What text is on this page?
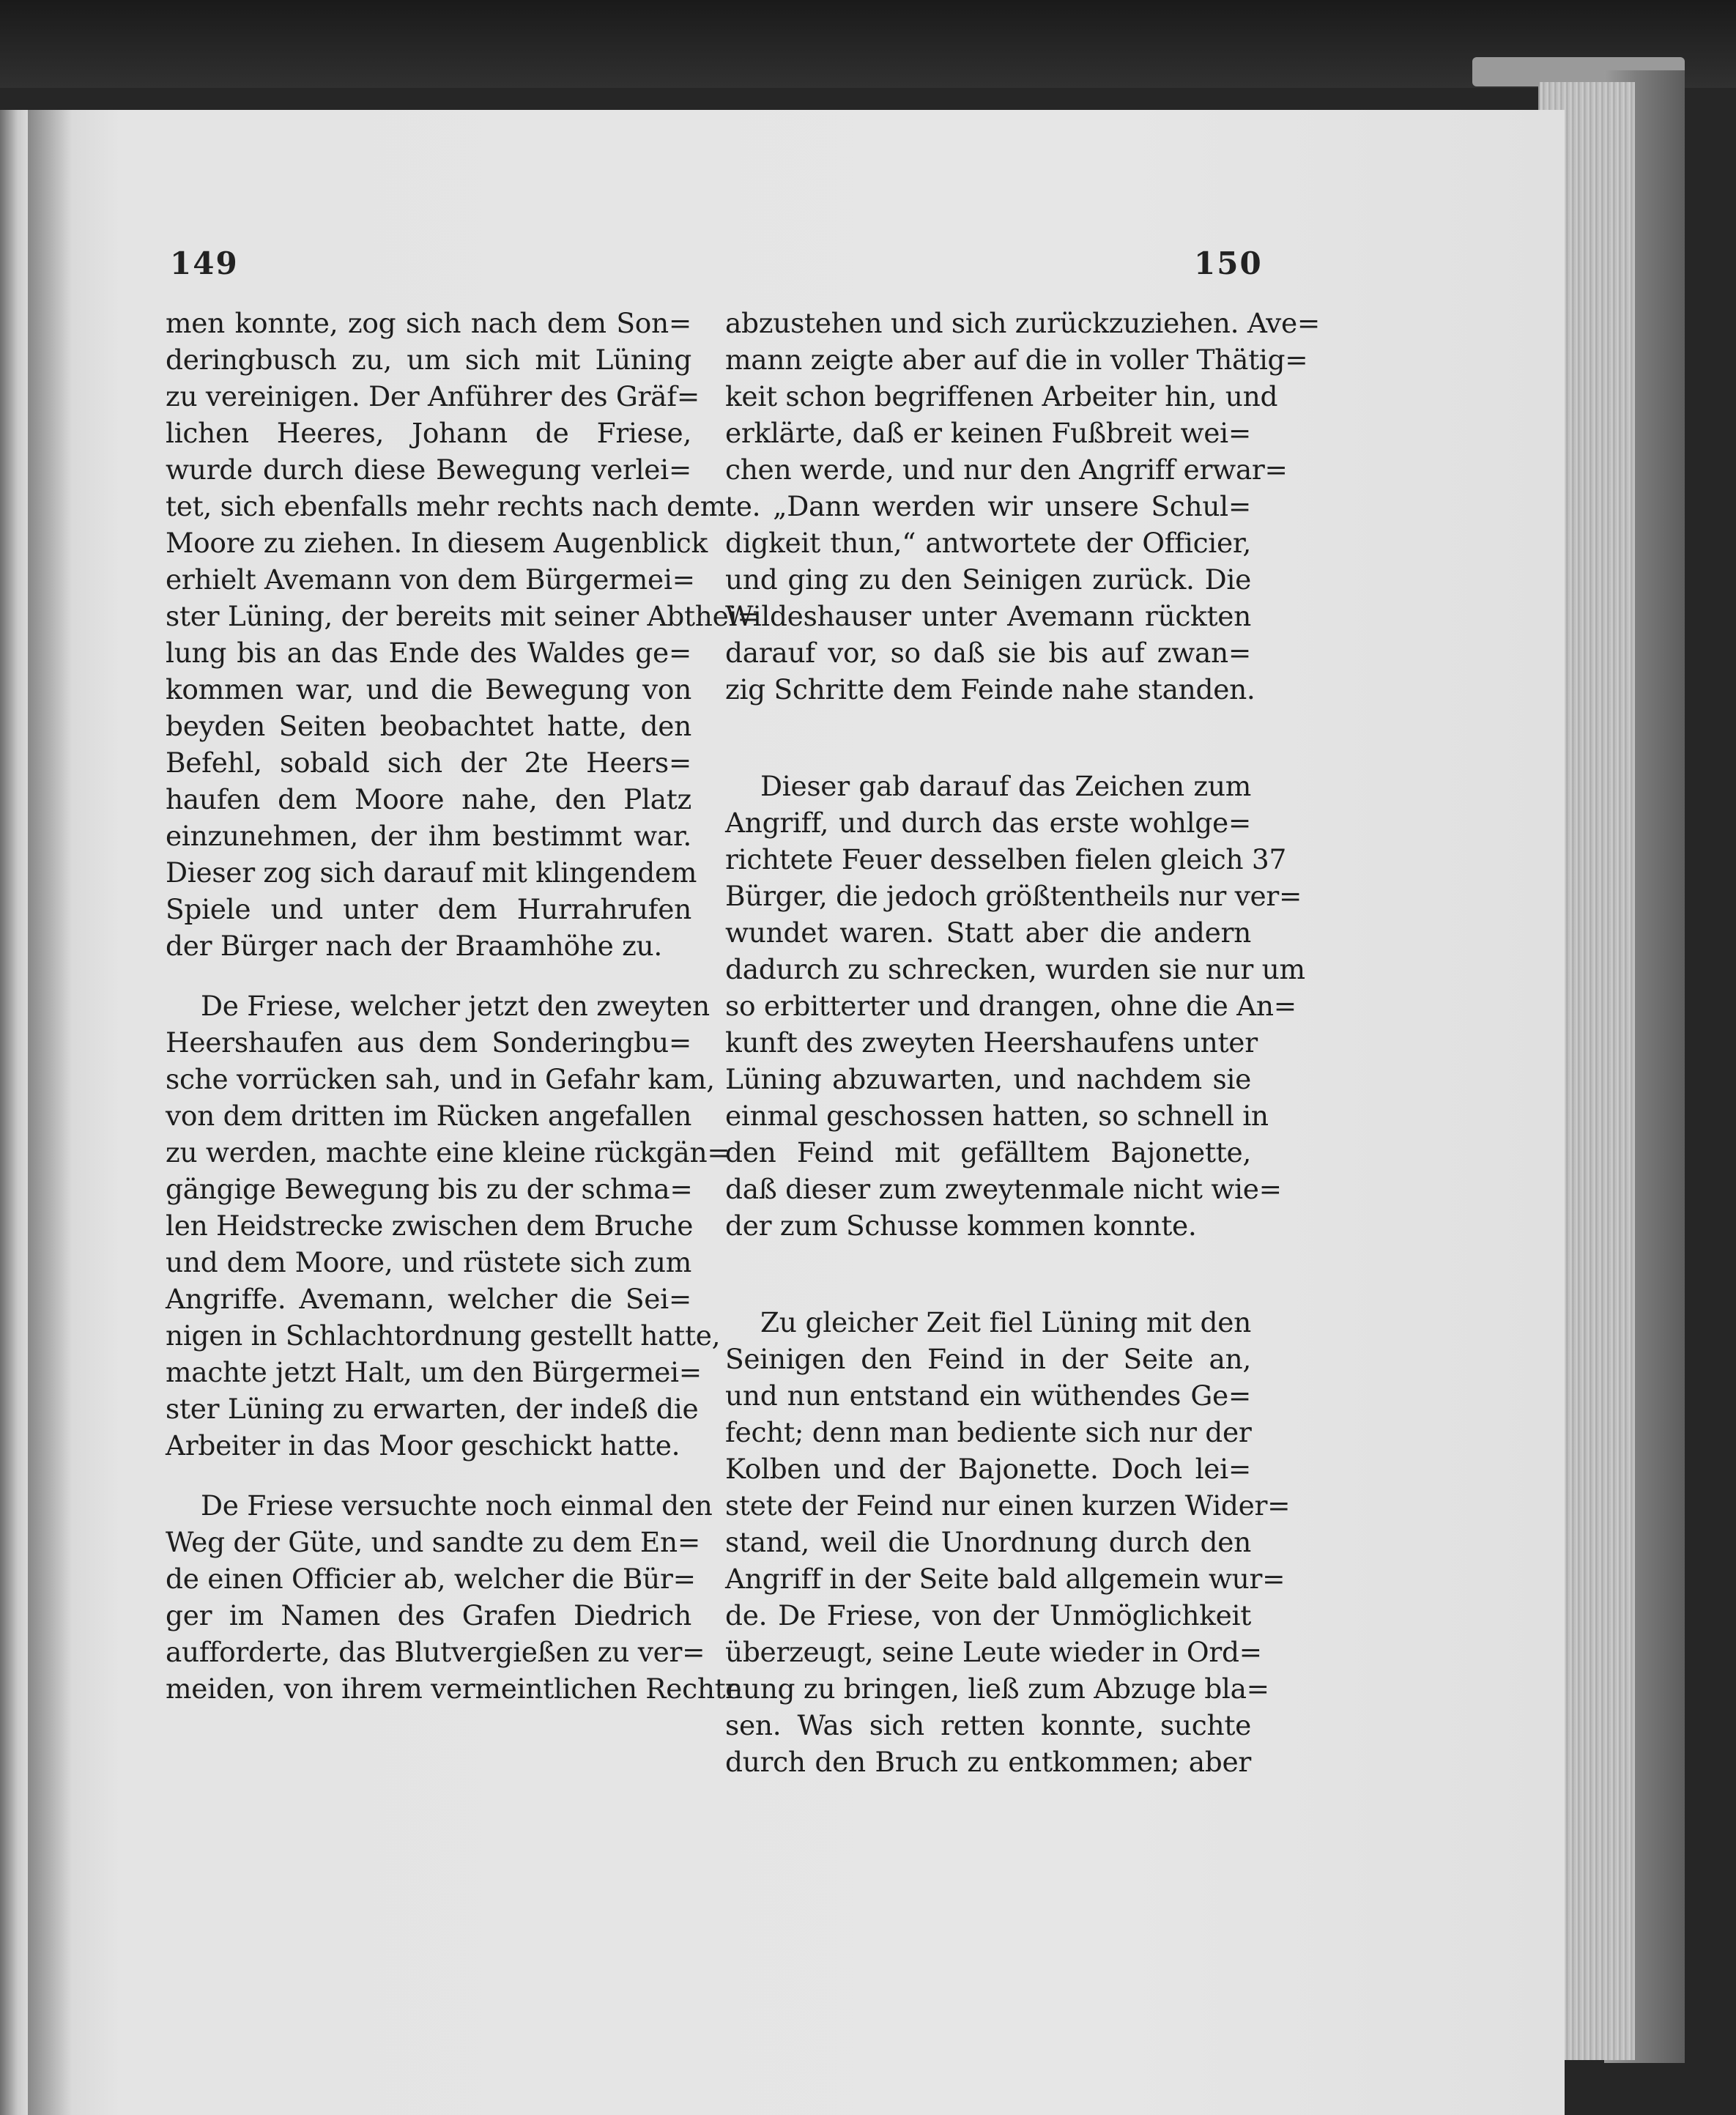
149	150
men konnte, zog sich nach dem Son=
deringbusch zu, um sich mit Lüning
zu vereinigen. Der Anführer des Gräf=
lichen Heeres, Johann de Friese,
wurde durch diese Bewegung verlei=
tet, sich ebenfalls mehr rechts nach dem
Moore zu ziehen. In diesem Augenblick
erhielt Avemann von dem Bürgermei=
ster Lüning, der bereits mit seiner Abthei=
lung bis an das Ende des Waldes ge=
kommen war, und die Bewegung von
beyden Seiten beobachtet hatte, den
Befehl, sobald sich der 2te Heers=
haufen dem Moore nahe, den Platz
einzunehmen, der ihm bestimmt war.
Dieser zog sich darauf mit klingendem
Spiele und unter dem Hurrahrufen
der Bürger nach der Braamhöhe zu.
De Friese, welcher jetzt den zweyten
Heershaufen aus dem Sonderingbu=
sche vorrücken sah, und in Gefahr kam,
von dem dritten im Rücken angefallen
zu werden, machte eine kleine rückgän=
gängige Bewegung bis zu der schma=
len Heidstrecke zwischen dem Bruche
und dem Moore, und rüstete sich zum
Angriffe. Avemann, welcher die Sei=
nigen in Schlachtordnung gestellt hatte,
machte jetzt Halt, um den Bürgermei=
ster Lüning zu erwarten, der indeß die
Arbeiter in das Moor geschickt hatte.
De Friese versuchte noch einmal den
Weg der Güte, und sandte zu dem En=
de einen Officier ab, welcher die Bür=
ger im Namen des Grafen Diedrich
aufforderte, das Blutvergießen zu ver=
meiden, von ihrem vermeintlichen Rechte
abzustehen und sich zurückzuziehen. Ave=
mann zeigte aber auf die in voller Thätig=
keit schon begriffenen Arbeiter hin, und
erklärte, daß er keinen Fußbreit wei=
chen werde, und nur den Angriff erwar=
te. „Dann werden wir unsere Schul=
digkeit thun,“ antwortete der Officier,
und ging zu den Seinigen zurück. Die
Wildeshauser unter Avemann rückten
darauf vor, so daß sie bis auf zwan=
zig Schritte dem Feinde nahe standen.
Dieser gab darauf das Zeichen zum
Angriff, und durch das erste wohlge=
richtete Feuer desselben fielen gleich 37
Bürger, die jedoch größtentheils nur ver=
wundet waren. Statt aber die andern
dadurch zu schrecken, wurden sie nur um
so erbitterter und drangen, ohne die An=
kunft des zweyten Heershaufens unter
Lüning abzuwarten, und nachdem sie
einmal geschossen hatten, so schnell in
den Feind mit gefälltem Bajonette,
daß dieser zum zweytenmale nicht wie=
der zum Schusse kommen konnte.
Zu gleicher Zeit fiel Lüning mit den
Seinigen den Feind in der Seite an,
und nun entstand ein wüthendes Ge=
fecht; denn man bediente sich nur der
Kolben und der Bajonette. Doch lei=
stete der Feind nur einen kurzen Wider=
stand, weil die Unordnung durch den
Angriff in der Seite bald allgemein wur=
de. De Friese, von der Unmöglichkeit
überzeugt, seine Leute wieder in Ord=
nung zu bringen, ließ zum Abzuge bla=
sen. Was sich retten konnte, suchte
durch den Bruch zu entkommen; aber
